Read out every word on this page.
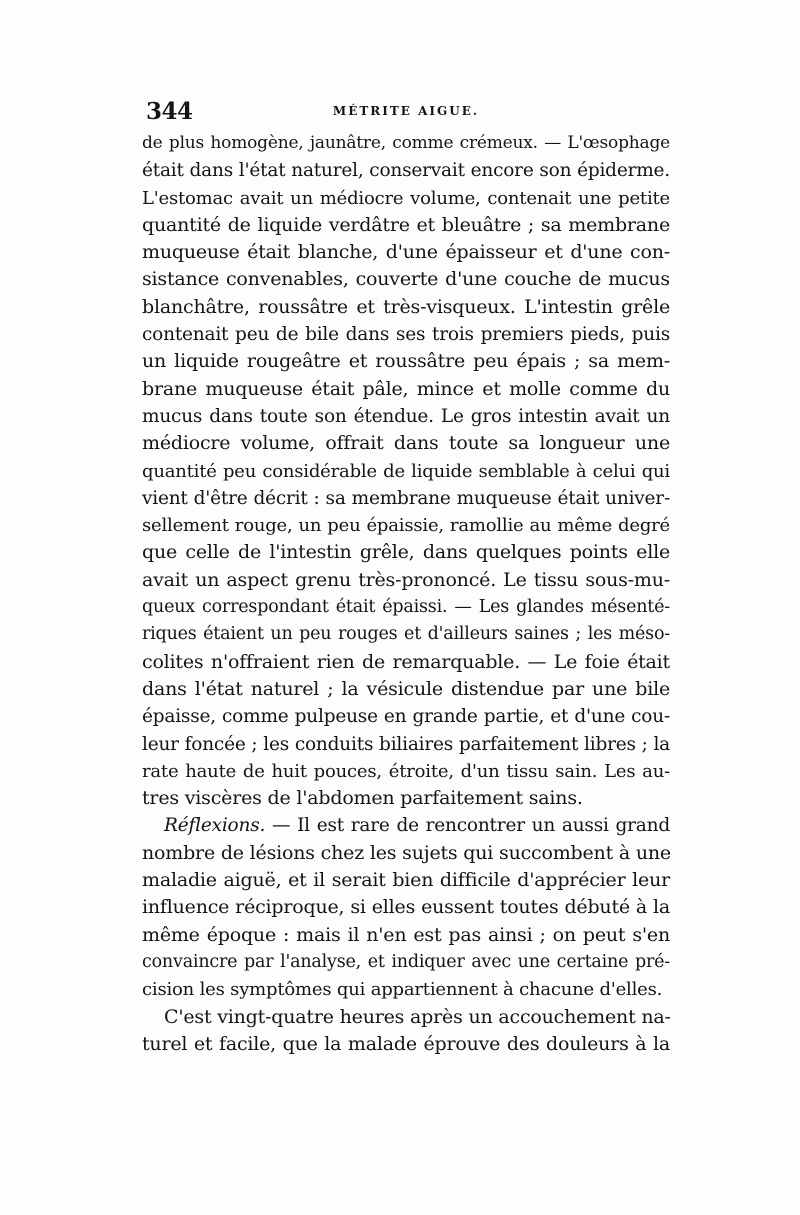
344	MÉTRITE AIGUE.
de plus homogène, jaunâtre, comme crémeux. — L'œsophage
était dans l'état naturel, conservait encore son épiderme.
L'estomac avait un médiocre volume, contenait une petite
quantité de liquide verdâtre et bleuâtre ; sa membrane
muqueuse était blanche, d'une épaisseur et d'une con-
sistance convenables, couverte d'une couche de mucus
blanchâtre, roussâtre et très-visqueux. L'intestin grêle
contenait peu de bile dans ses trois premiers pieds, puis
un liquide rougeâtre et roussâtre peu épais ; sa mem-
brane muqueuse était pâle, mince et molle comme du
mucus dans toute son étendue. Le gros intestin avait un
médiocre volume, offrait dans toute sa longueur une
quantité peu considérable de liquide semblable à celui qui
vient d'être décrit : sa membrane muqueuse était univer-
sellement rouge, un peu épaissie, ramollie au même degré
que celle de l'intestin grêle, dans quelques points elle
avait un aspect grenu très-prononcé. Le tissu sous-mu-
queux correspondant était épaissi. — Les glandes mésenté-
riques étaient un peu rouges et d'ailleurs saines ; les méso-
colites n'offraient rien de remarquable. — Le foie était
dans l'état naturel ; la vésicule distendue par une bile
épaisse, comme pulpeuse en grande partie, et d'une cou-
leur foncée ; les conduits biliaires parfaitement libres ; la
rate haute de huit pouces, étroite, d'un tissu sain. Les au-
tres viscères de l'abdomen parfaitement sains.
Réflexions. — Il est rare de rencontrer un aussi grand
nombre de lésions chez les sujets qui succombent à une
maladie aiguë, et il serait bien difficile d'apprécier leur
influence réciproque, si elles eussent toutes débuté à la
même époque : mais il n'en est pas ainsi ; on peut s'en
convaincre par l'analyse, et indiquer avec une certaine pré-
cision les symptômes qui appartiennent à chacune d'elles.
C'est vingt-quatre heures après un accouchement na-
turel et facile, que la malade éprouve des douleurs à la
